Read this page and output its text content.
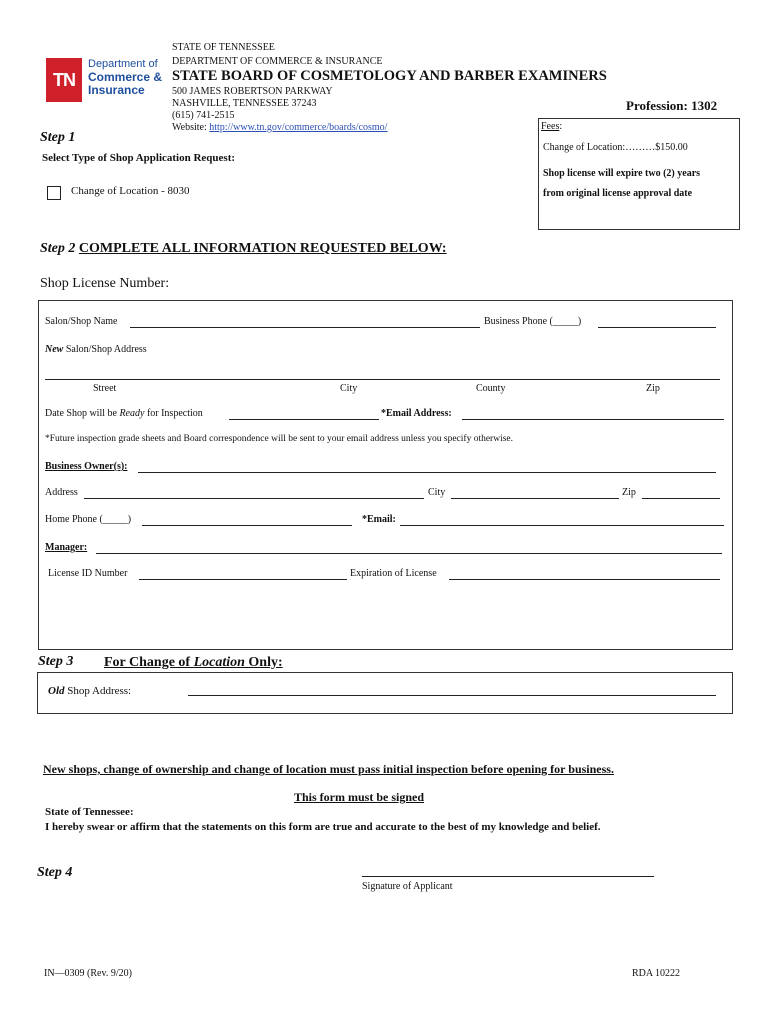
TN
Department of
Commerce &
Insurance
STATE OF TENNESSEE
DEPARTMENT OF COMMERCE & INSURANCE
STATE BOARD OF COSMETOLOGY AND BARBER EXAMINERS
500 JAMES ROBERTSON PARKWAY
NASHVILLE, TENNESSEE 37243
(615) 741-2515
Website: http://www.tn.gov/commerce/boards/cosmo/
Profession: 1302
Fees:
Change of Location:………$150.00
Shop license will expire two (2) years
from original license approval date
Step 1
Select Type of Shop Application Request:
Change of Location - 8030
Step 2 COMPLETE ALL INFORMATION REQUESTED BELOW:
Shop License Number:
Salon/Shop Name	Business Phone (_____)
New Salon/Shop Address
Street	City	County	Zip
Date Shop will be Ready for Inspection	*Email Address:
*Future inspection grade sheets and Board correspondence will be sent to your email address unless you specify otherwise.
Business Owner(s):
Address	City	Zip
Home Phone (_____)	*Email:
Manager:
License ID Number	Expiration of License
Step 3 For Change of Location Only:
Old Shop Address:
New shops, change of ownership and change of location must pass initial inspection before opening for business.
This form must be signed
State of Tennessee:
I hereby swear or affirm that the statements on this form are true and accurate to the best of my knowledge and belief.
Step 4
Signature of Applicant
IN—0309 (Rev. 9/20)	RDA 10222
